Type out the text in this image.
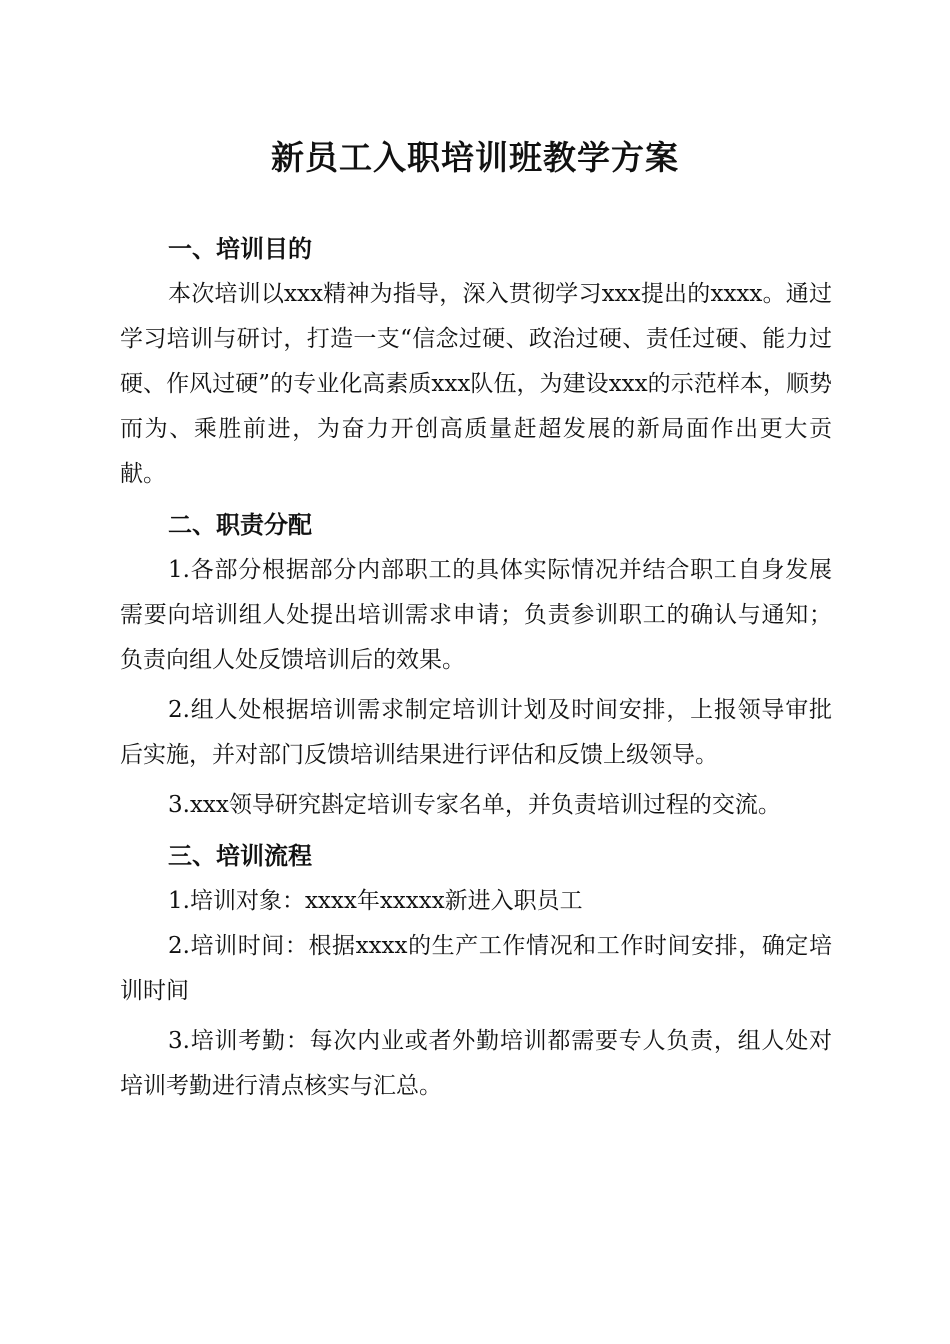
新员工入职培训班教学方案
一、培训目的

本次培训以xxx精神为指导，深入贯彻学习xxx提出的xxxx。通过学习培训与研讨，打造一支“信念过硬、政治过硬、责任过硬、能力过硬、作风过硬”的专业化高素质xxx队伍，为建设xxx的示范样本，顺势而为、乘胜前进，为奋力开创高质量赶超发展的新局面作出更大贡献。

二、职责分配

1.各部分根据部分内部职工的具体实际情况并结合职工自身发展需要向培训组人处提出培训需求申请；负责参训职工的确认与通知；负责向组人处反馈培训后的效果。

2.组人处根据培训需求制定培训计划及时间安排，上报领导审批后实施，并对部门反馈培训结果进行评估和反馈上级领导。

3.xxx领导研究斟定培训专家名单，并负责培训过程的交流。

三、培训流程

1.培训对象：xxxx年xxxxx新进入职员工

2.培训时间：根据xxxx的生产工作情况和工作时间安排，确定培训时间

3.培训考勤：每次内业或者外勤培训都需要专人负责，组人处对培训考勤进行清点核实与汇总。
